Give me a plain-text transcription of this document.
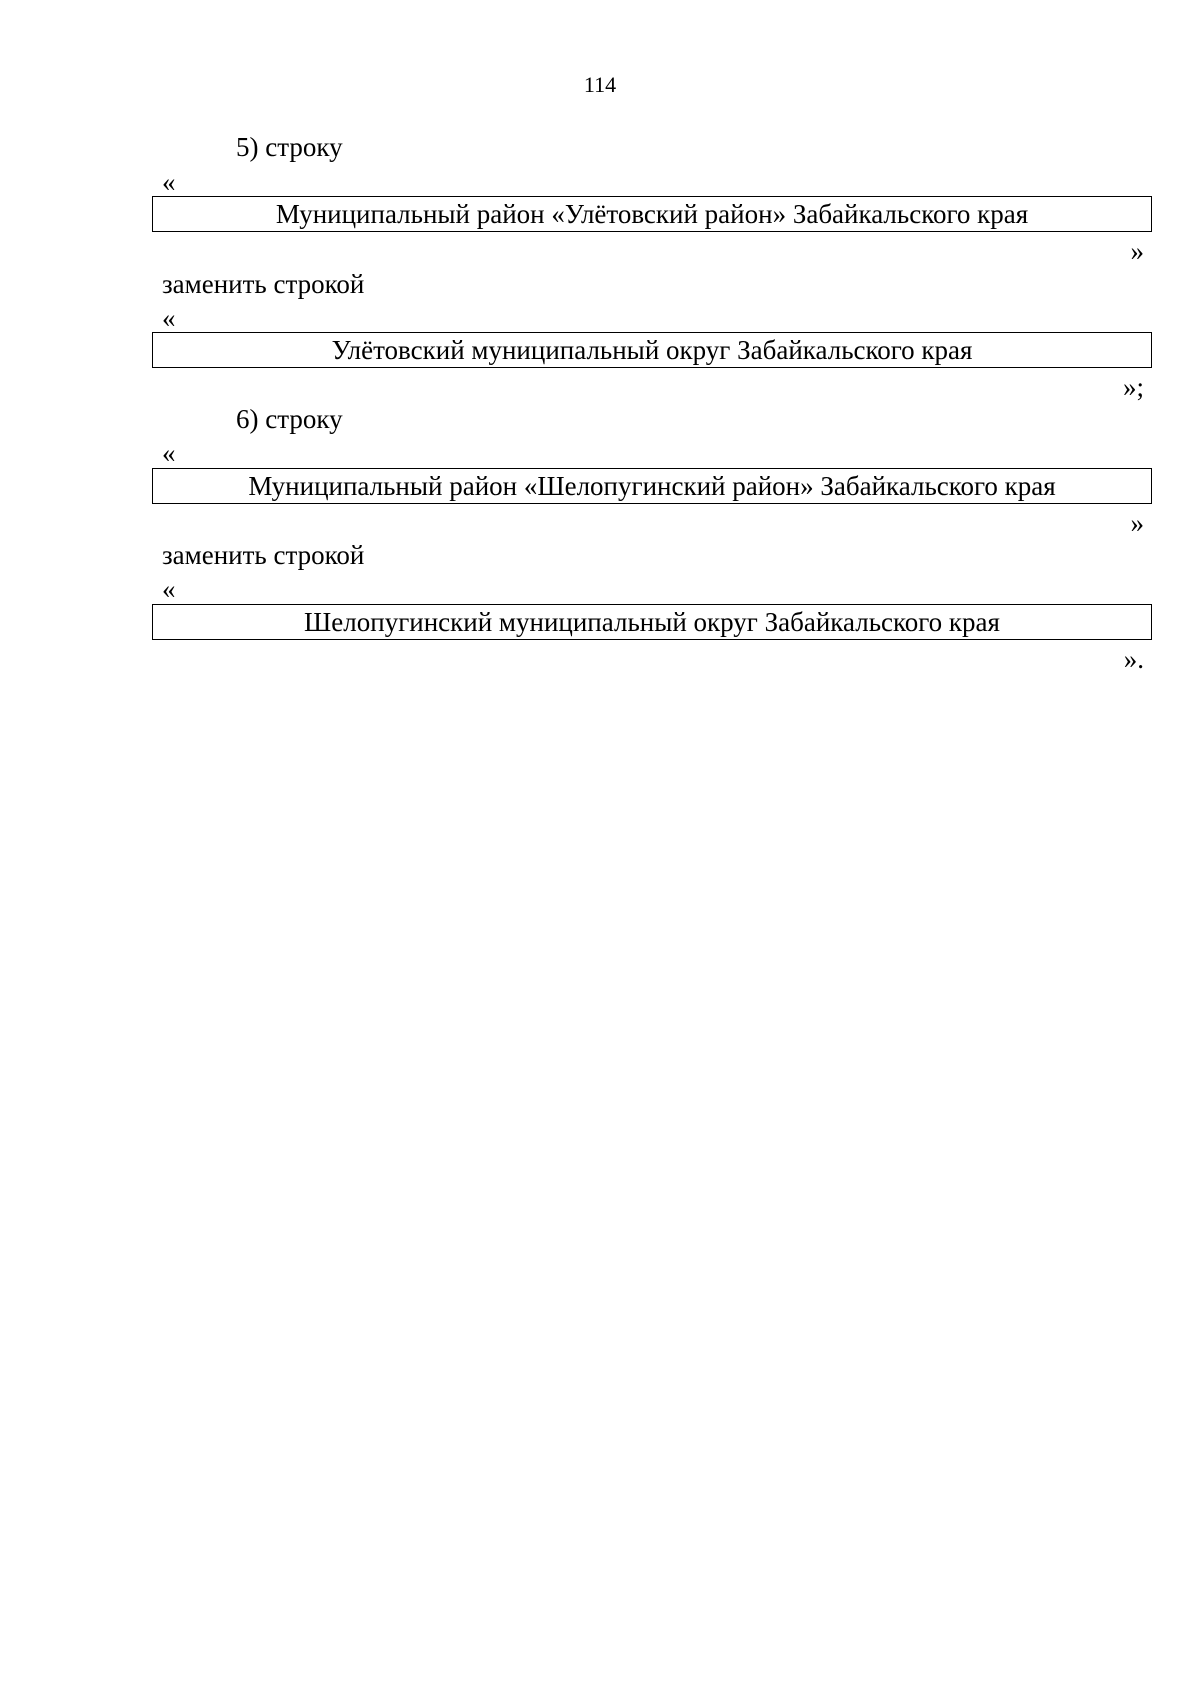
114
5) строку
«
Муниципальный район «Улётовский район» Забайкальского края
»
заменить строкой
«
Улётовский муниципальный округ Забайкальского края
»;
6) строку
«
Муниципальный район «Шелопугинский район» Забайкальского края
»
заменить строкой
«
Шелопугинский муниципальный округ Забайкальского края
».
